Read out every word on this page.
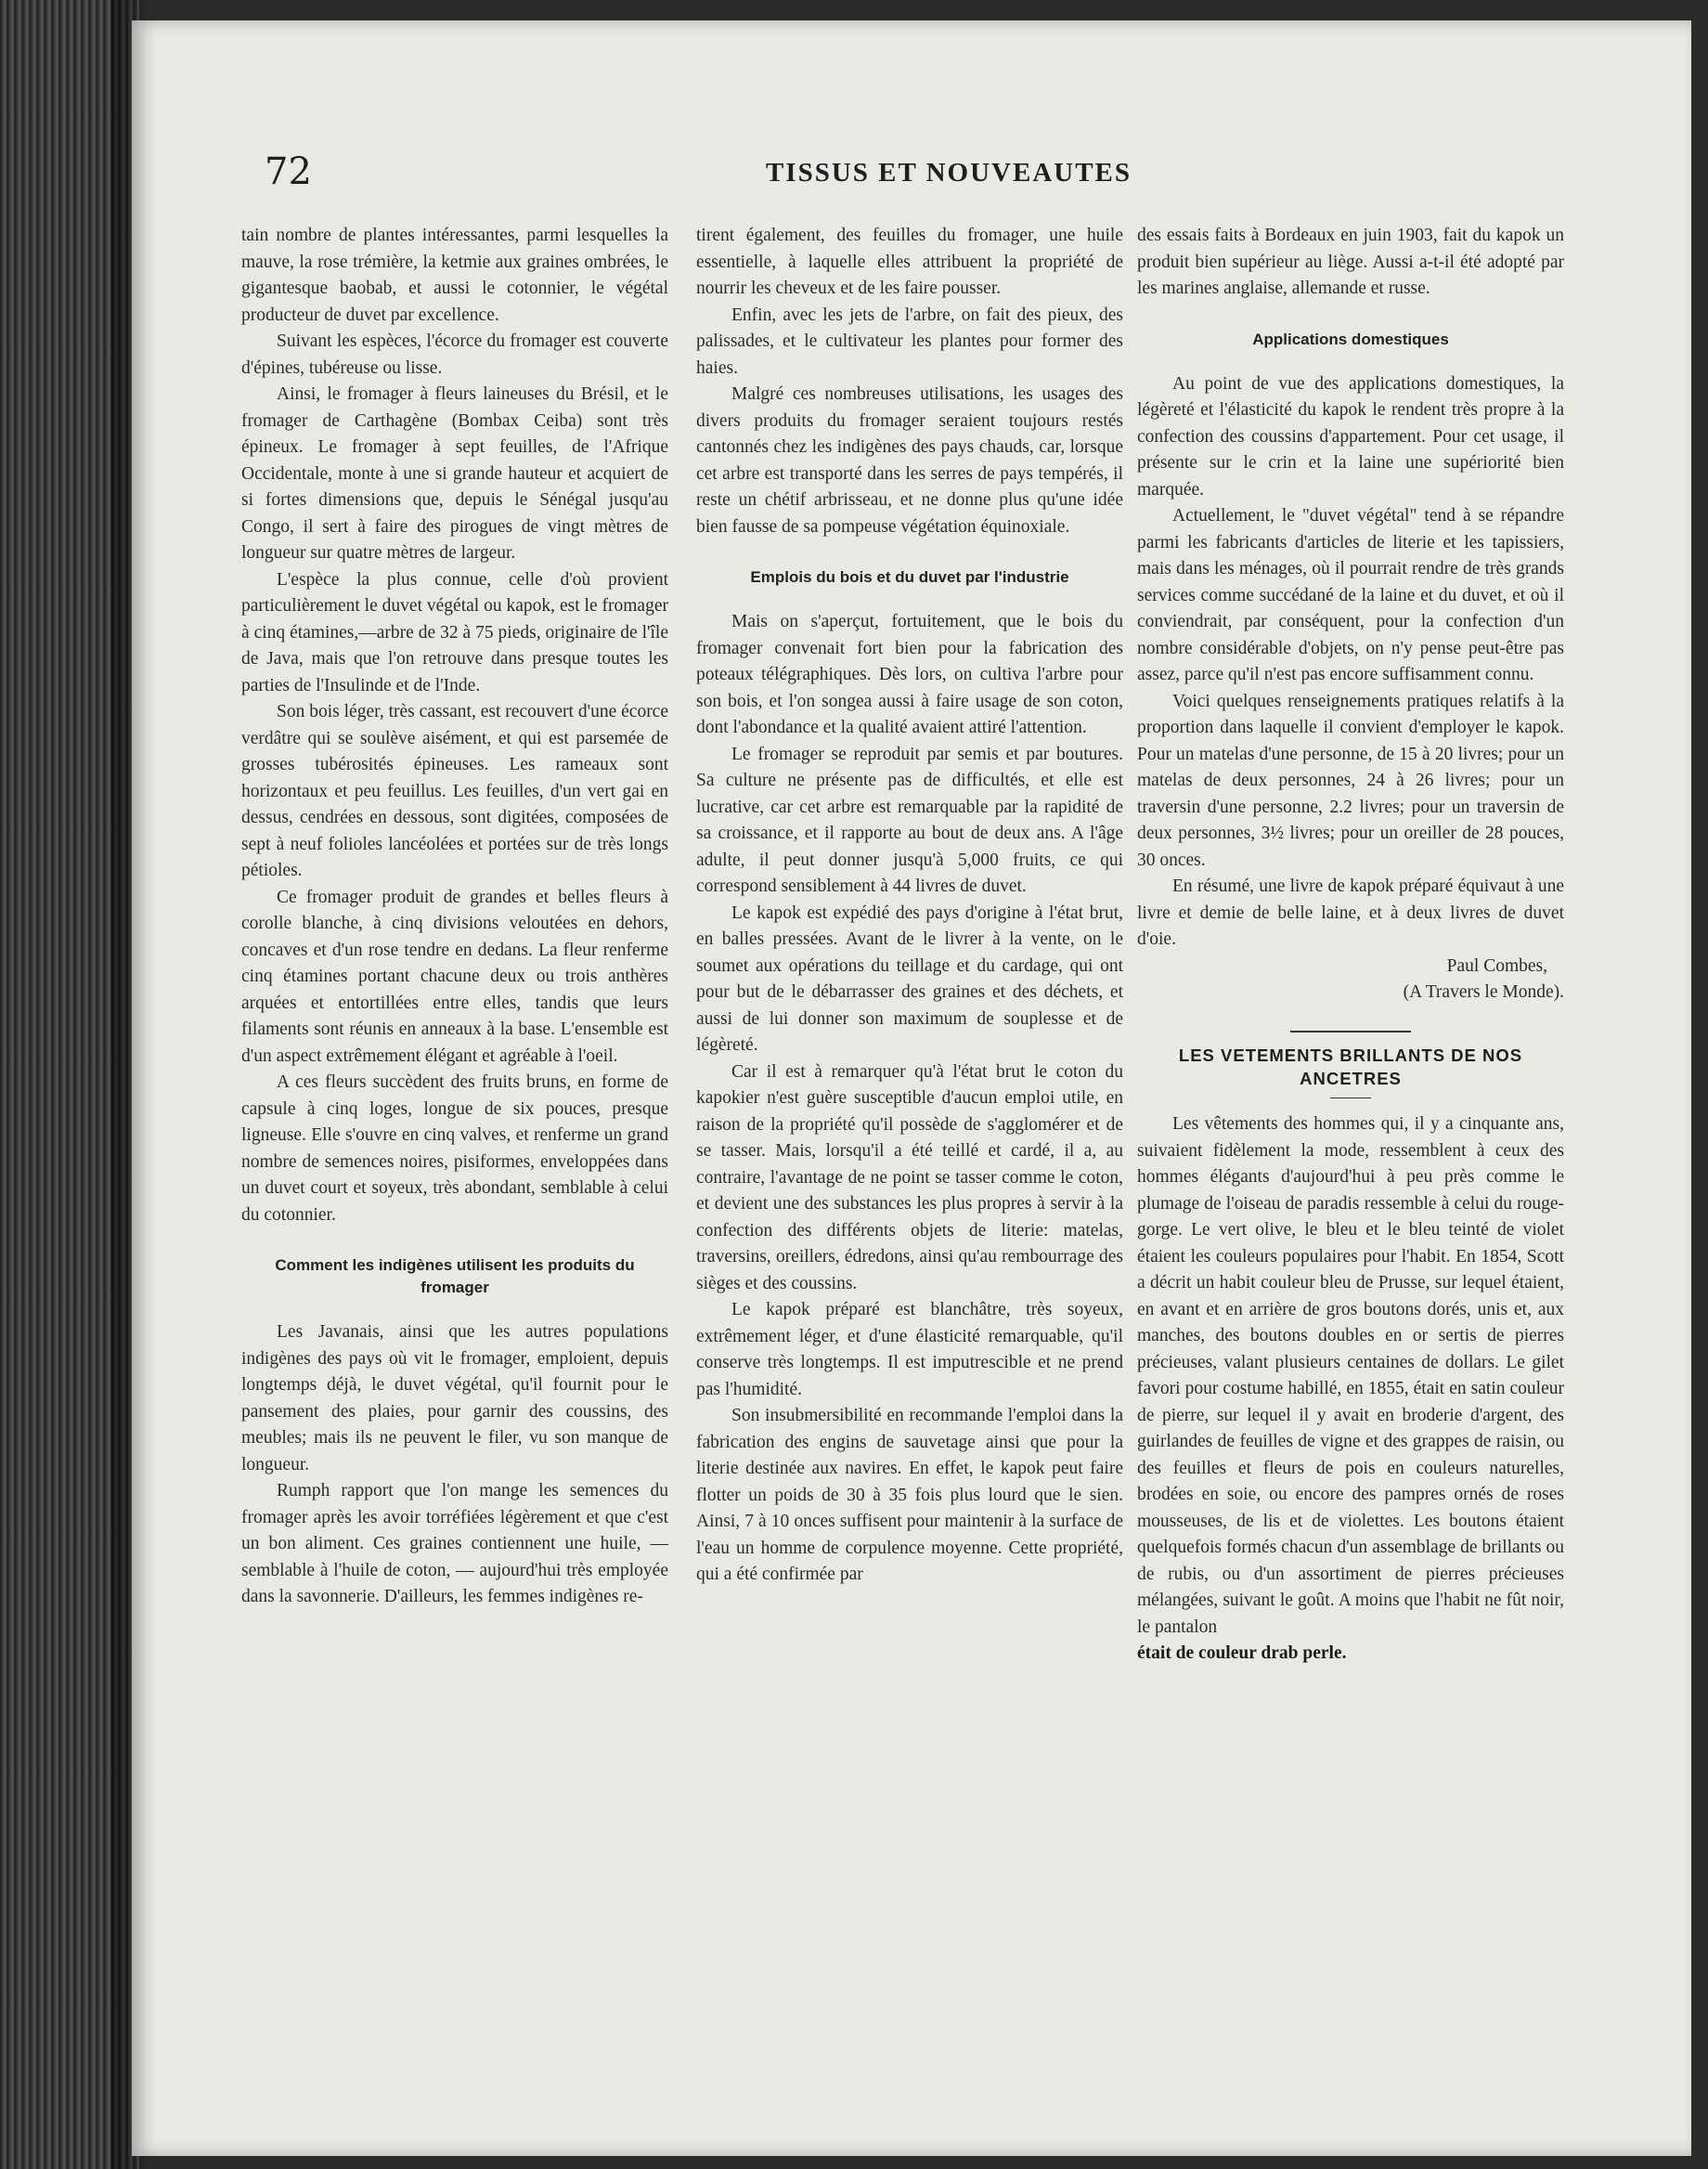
72	TISSUS ET NOUVEAUTES

tain nombre de plantes intéressantes, parmi lesquelles la mauve, la rose trémière, la ketmie aux graines ombrées, le gigantesque baobab, et aussi le cotonnier, le végétal producteur de duvet par excellence.

Suivant les espèces, l'écorce du fromager est couverte d'épines, tubéreuse ou lisse.

Ainsi, le fromager à fleurs laineuses du Brésil, et le fromager de Carthagène (Bombax Ceiba) sont très épineux. Le fromager à sept feuilles, de l'Afrique Occidentale, monte à une si grande hauteur et acquiert de si fortes dimensions que, depuis le Sénégal jusqu'au Congo, il sert à faire des pirogues de vingt mètres de longueur sur quatre mètres de largeur.

L'espèce la plus connue, celle d'où provient particulièrement le duvet végétal ou kapok, est le fromager à cinq étamines,—arbre de 32 à 75 pieds, originaire de l'île de Java, mais que l'on retrouve dans presque toutes les parties de l'Insulinde et de l'Inde.

Son bois léger, très cassant, est recouvert d'une écorce verdâtre qui se soulève aisément, et qui est parsemée de grosses tubérosités épineuses. Les rameaux sont horizontaux et peu feuillus. Les feuilles, d'un vert gai en dessus, cendrées en dessous, sont digitées, composées de sept à neuf folioles lancéolées et portées sur de très longs pétioles.

Ce fromager produit de grandes et belles fleurs à corolle blanche, à cinq divisions veloutées en dehors, concaves et d'un rose tendre en dedans. La fleur renferme cinq étamines portant chacune deux ou trois anthères arquées et entortillées entre elles, tandis que leurs filaments sont réunis en anneaux à la base. L'ensemble est d'un aspect extrêmement élégant et agréable à l'oeil.

A ces fleurs succèdent des fruits bruns, en forme de capsule à cinq loges, longue de six pouces, presque ligneuse. Elle s'ouvre en cinq valves, et renferme un grand nombre de semences noires, pisiformes, enveloppées dans un duvet court et soyeux, très abondant, semblable à celui du cotonnier.

Comment les indigènes utilisent les produits du fromager

Les Javanais, ainsi que les autres populations indigènes des pays où vit le fromager, emploient, depuis longtemps déjà, le duvet végétal, qu'il fournit pour le pansement des plaies, pour garnir des coussins, des meubles; mais ils ne peuvent le filer, vu son manque de longueur.

Rumph rapport que l'on mange les semences du fromager après les avoir torréfiées légèrement et que c'est un bon aliment. Ces graines contiennent une huile, — semblable à l'huile de coton, — aujourd'hui très employée dans la savonnerie. D'ailleurs, les femmes indigènes re-

tirent également, des feuilles du fromager, une huile essentielle, à laquelle elles attribuent la propriété de nourrir les cheveux et de les faire pousser.

Enfin, avec les jets de l'arbre, on fait des pieux, des palissades, et le cultivateur les plantes pour former des haies.

Malgré ces nombreuses utilisations, les usages des divers produits du fromager seraient toujours restés cantonnés chez les indigènes des pays chauds, car, lorsque cet arbre est transporté dans les serres de pays tempérés, il reste un chétif arbrisseau, et ne donne plus qu'une idée bien fausse de sa pompeuse végétation équinoxiale.

Emplois du bois et du duvet par l'industrie

Mais on s'aperçut, fortuitement, que le bois du fromager convenait fort bien pour la fabrication des poteaux télégraphiques. Dès lors, on cultiva l'arbre pour son bois, et l'on songea aussi à faire usage de son coton, dont l'abondance et la qualité avaient attiré l'attention.

Le fromager se reproduit par semis et par boutures. Sa culture ne présente pas de difficultés, et elle est lucrative, car cet arbre est remarquable par la rapidité de sa croissance, et il rapporte au bout de deux ans. A l'âge adulte, il peut donner jusqu'à 5,000 fruits, ce qui correspond sensiblement à 44 livres de duvet.

Le kapok est expédié des pays d'origine à l'état brut, en balles pressées. Avant de le livrer à la vente, on le soumet aux opérations du teillage et du cardage, qui ont pour but de le débarrasser des graines et des déchets, et aussi de lui donner son maximum de souplesse et de légèreté.

Car il est à remarquer qu'à l'état brut le coton du kapokier n'est guère susceptible d'aucun emploi utile, en raison de la propriété qu'il possède de s'agglomérer et de se tasser. Mais, lorsqu'il a été teillé et cardé, il a, au contraire, l'avantage de ne point se tasser comme le coton, et devient une des substances les plus propres à servir à la confection des différents objets de literie: matelas, traversins, oreillers, édredons, ainsi qu'au rembourrage des sièges et des coussins.

Le kapok préparé est blanchâtre, très soyeux, extrêmement léger, et d'une élasticité remarquable, qu'il conserve très longtemps. Il est imputrescible et ne prend pas l'humidité.

Son insubmersibilité en recommande l'emploi dans la fabrication des engins de sauvetage ainsi que pour la literie destinée aux navires. En effet, le kapok peut faire flotter un poids de 30 à 35 fois plus lourd que le sien. Ainsi, 7 à 10 onces suffisent pour maintenir à la surface de l'eau un homme de corpulence moyenne. Cette propriété, qui a été confirmée par

des essais faits à Bordeaux en juin 1903, fait du kapok un produit bien supérieur au liège. Aussi a-t-il été adopté par les marines anglaise, allemande et russe.

Applications domestiques

Au point de vue des applications domestiques, la légèreté et l'élasticité du kapok le rendent très propre à la confection des coussins d'appartement. Pour cet usage, il présente sur le crin et la laine une supériorité bien marquée.

Actuellement, le "duvet végétal" tend à se répandre parmi les fabricants d'articles de literie et les tapissiers, mais dans les ménages, où il pourrait rendre de très grands services comme succédané de la laine et du duvet, et où il conviendrait, par conséquent, pour la confection d'un nombre considérable d'objets, on n'y pense peut-être pas assez, parce qu'il n'est pas encore suffisamment connu.

Voici quelques renseignements pratiques relatifs à la proportion dans laquelle il convient d'employer le kapok. Pour un matelas d'une personne, de 15 à 20 livres; pour un matelas de deux personnes, 24 à 26 livres; pour un traversin d'une personne, 2.2 livres; pour un traversin de deux personnes, 3½ livres; pour un oreiller de 28 pouces, 30 onces.

En résumé, une livre de kapok préparé équivaut à une livre et demie de belle laine, et à deux livres de duvet d'oie.

Paul Combes,

(A Travers le Monde).

LES VETEMENTS BRILLANTS DE NOS ANCETRES

Les vêtements des hommes qui, il y a cinquante ans, suivaient fidèlement la mode, ressemblent à ceux des hommes élégants d'aujourd'hui à peu près comme le plumage de l'oiseau de paradis ressemble à celui du rouge-gorge. Le vert olive, le bleu et le bleu teinté de violet étaient les couleurs populaires pour l'habit. En 1854, Scott a décrit un habit couleur bleu de Prusse, sur lequel étaient, en avant et en arrière de gros boutons dorés, unis et, aux manches, des boutons doubles en or sertis de pierres précieuses, valant plusieurs centaines de dollars. Le gilet favori pour costume habillé, en 1855, était en satin couleur de pierre, sur lequel il y avait en broderie d'argent, des guirlandes de feuilles de vigne et des grappes de raisin, ou des feuilles et fleurs de pois en couleurs naturelles, brodées en soie, ou encore des pampres ornés de roses mousseuses, de lis et de violettes. Les boutons étaient quelquefois formés chacun d'un assemblage de brillants ou de rubis, ou d'un assortiment de pierres précieuses mélangées, suivant le goût. A moins que l'habit ne fût noir, le pantalon

était de couleur drab perle.
